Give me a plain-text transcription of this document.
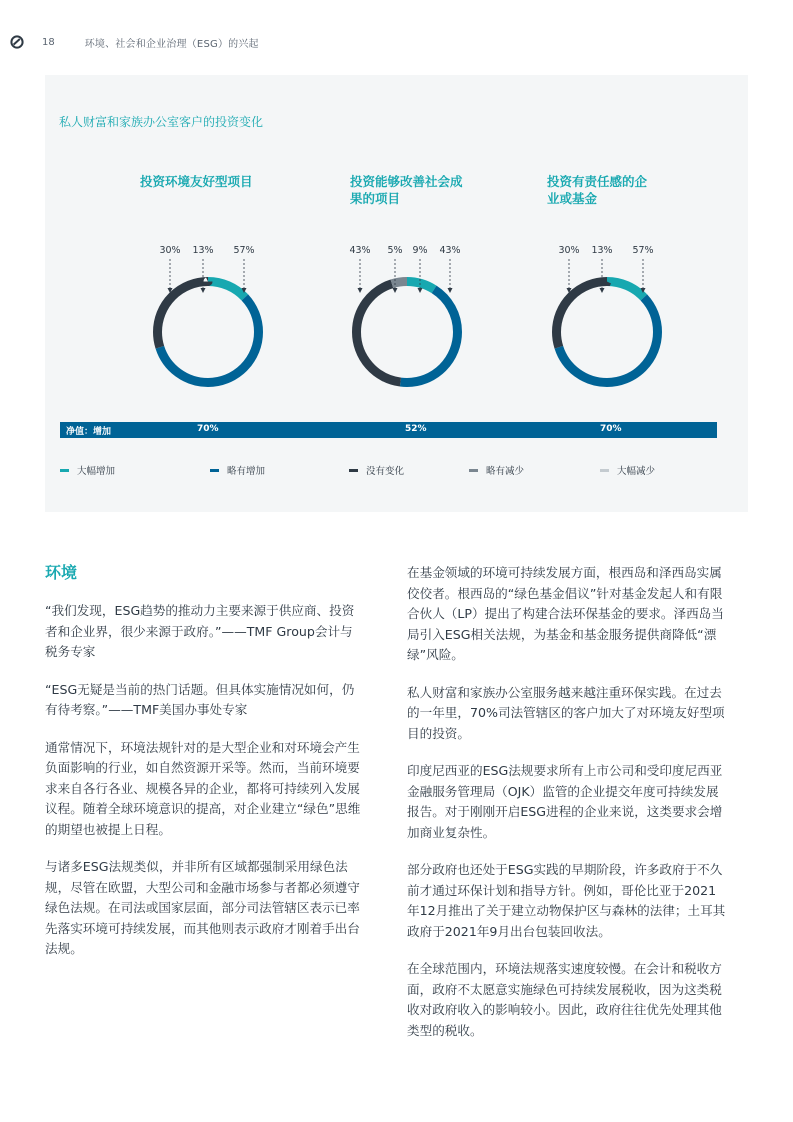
18	环境、社会和企业治理（ESG）的兴起
私人财富和家族办公室客户的投资变化
投资环境友好型项目	投资能够改善社会成
果的项目
投资有责任感的企
业或基金
30% 13% 57%	43% 5% 9% 43%	30% 13% 57%
净值：增加	70%	52%	70%
大幅增加	略有增加	没有变化	略有减少	大幅减少
环境

“我们发现，ESG趋势的推动力主要来源于供应商、投资者和企业界，很少来源于政府。”——TMF Group会计与税务专家

“ESG无疑是当前的热门话题。但具体实施情况如何，仍有待考察。”——TMF美国办事处专家

通常情况下，环境法规针对的是大型企业和对环境会产生负面影响的行业，如自然资源开采等。然而，当前环境要求来自各行各业、规模各异的企业，都将可持续列入发展议程。随着全球环境意识的提高，对企业建立“绿色”思维的期望也被提上日程。

与诸多ESG法规类似，并非所有区域都强制采用绿色法规，尽管在欧盟，大型公司和金融市场参与者都必须遵守绿色法规。在司法或国家层面，部分司法管辖区表示已率先落实环境可持续发展，而其他则表示政府才刚着手出台法规。

在基金领域的环境可持续发展方面，根西岛和泽西岛实属佼佼者。根西岛的“绿色基金倡议”针对基金发起人和有限合伙人（LP）提出了构建合法环保基金的要求。泽西岛当局引入ESG相关法规，为基金和基金服务提供商降低“漂绿”风险。

私人财富和家族办公室服务越来越注重环保实践。在过去的一年里，70%司法管辖区的客户加大了对环境友好型项目的投资。

印度尼西亚的ESG法规要求所有上市公司和受印度尼西亚金融服务管理局（OJK）监管的企业提交年度可持续发展报告。对于刚刚开启ESG进程的企业来说，这类要求会增加商业复杂性。

部分政府也还处于ESG实践的早期阶段，许多政府于不久前才通过环保计划和指导方针。例如，哥伦比亚于2021年12月推出了关于建立动物保护区与森林的法律；土耳其政府于2021年9月出台包装回收法。

在全球范围内，环境法规落实速度较慢。在会计和税收方面，政府不太愿意实施绿色可持续发展税收，因为这类税收对政府收入的影响较小。因此，政府往往优先处理其他类型的税收。
